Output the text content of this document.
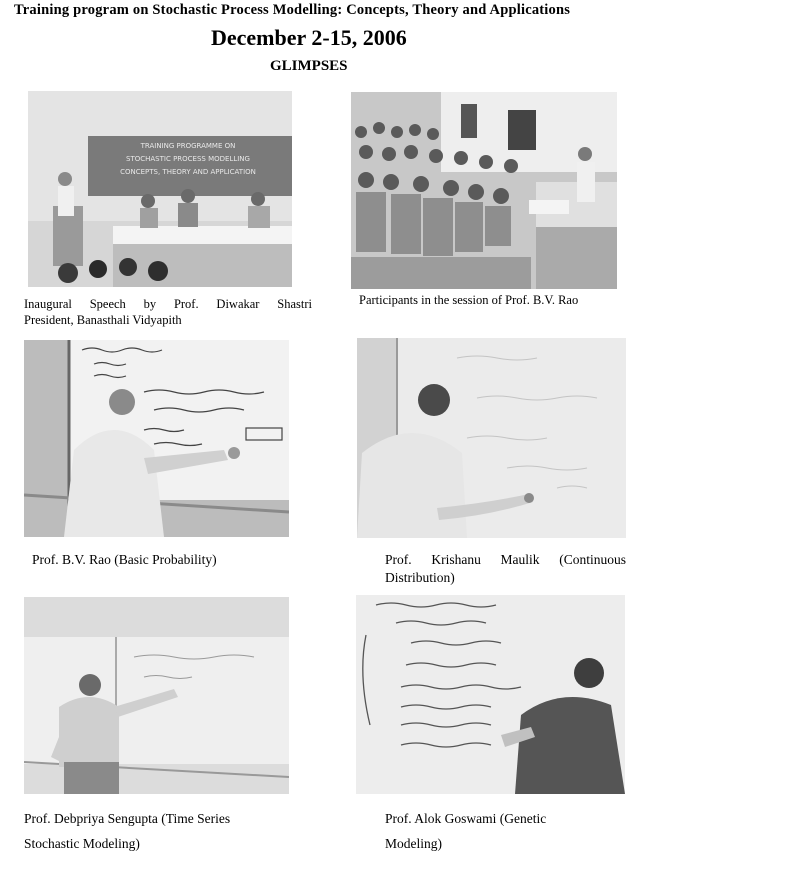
Training program on Stochastic Process Modelling: Concepts, Theory and Applications
December 2-15, 2006
GLIMPSES
TRAINING PROGRAMME ON
STOCHASTIC PROCESS MODELLING
CONCEPTS, THEORY AND APPLICATION
Inaugural Speech by Prof. Diwakar Shastri
President, Banasthali Vidyapith
Participants in the session of Prof. B.V. Rao
Prof. B.V. Rao (Basic Probability)	Prof. Krishanu Maulik (Continuous
Distribution)
Prof. Debpriya Sengupta (Time Series
Stochastic Modeling)
Prof. Alok Goswami (Genetic
Modeling)
